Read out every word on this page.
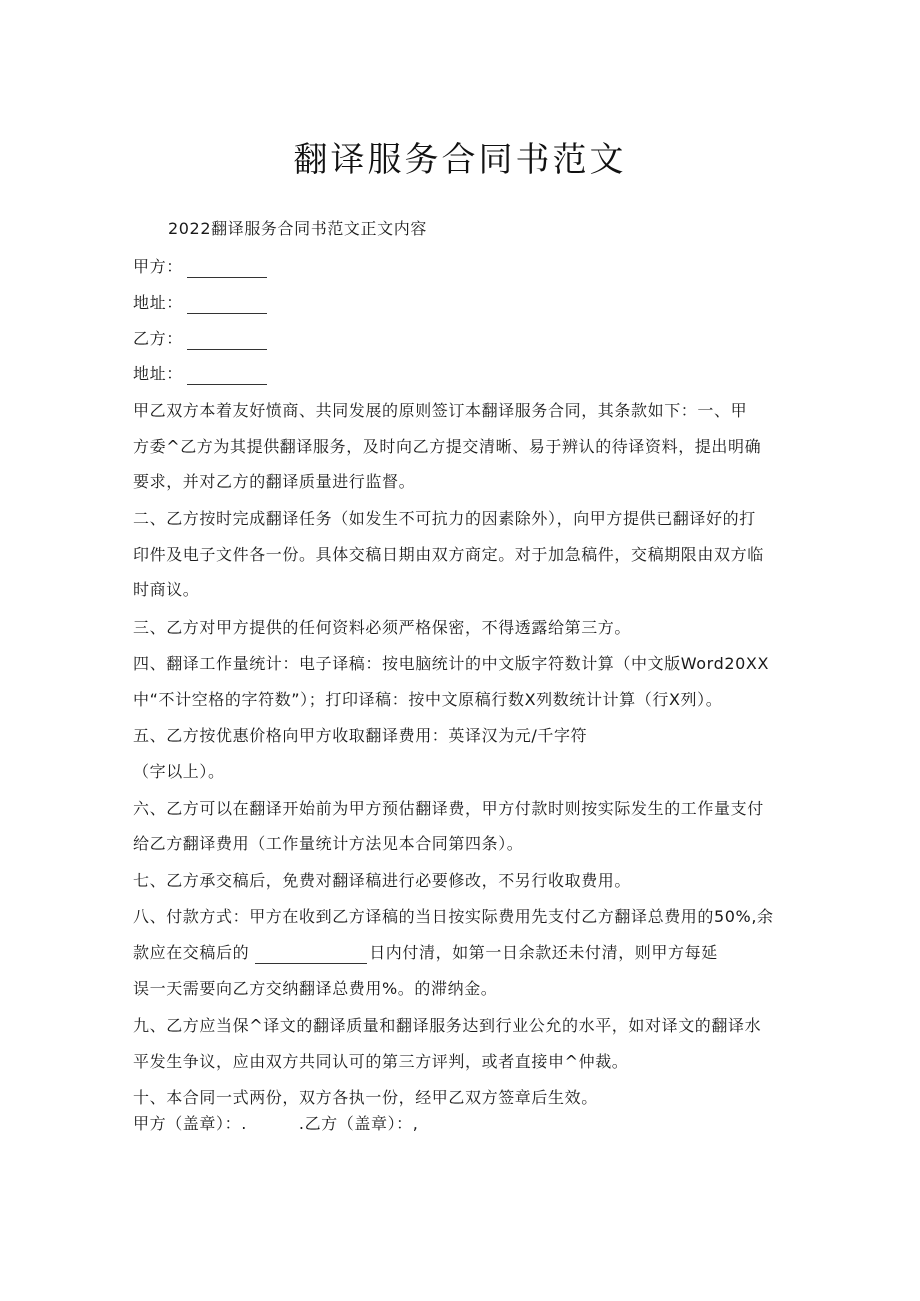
翻译服务合同书范文
2022翻译服务合同书范文正文内容
甲方：
地址：
乙方：
地址：
甲乙双方本着友好愤商、共同发展的原则签订本翻译服务合同，其条款如下：一、甲
方委^乙方为其提供翻译服务，及时向乙方提交清晰、易于辨认的待译资料，提出明确
要求，并对乙方的翻译质量进行监督。
二、乙方按时完成翻译任务（如发生不可抗力的因素除外），向甲方提供已翻译好的打
印件及电子文件各一份。具体交稿日期由双方商定。对于加急稿件，交稿期限由双方临
时商议。
三、乙方对甲方提供的任何资料必须严格保密，不得透露给第三方。
四、翻译工作量统计：电子译稿：按电脑统计的中文版字符数计算（中文版Word20XX
中“不计空格的字符数”）；打印译稿：按中文原稿行数X列数统计计算（行X列）。
五、乙方按优惠价格向甲方收取翻译费用：英译汉为元/千字符
（字以上）。
六、乙方可以在翻译开始前为甲方预估翻译费，甲方付款时则按实际发生的工作量支付
给乙方翻译费用（工作量统计方法见本合同第四条）。
七、乙方承交稿后，免费对翻译稿进行必要修改，不另行收取费用。
八、付款方式：甲方在收到乙方译稿的当日按实际费用先支付乙方翻译总费用的50%,余
款应在交稿后的	日内付清，如第一日余款还未付清，则甲方每延
误一天需要向乙方交纳翻译总费用%。的滞纳金。
九、乙方应当保^译文的翻译质量和翻译服务达到行业公允的水平，如对译文的翻译水
平发生争议，应由双方共同认可的第三方评判，或者直接申^仲裁。
十、本合同一式两份，双方各执一份，经甲乙双方签章后生效。
甲方（盖章）：.	.乙方（盖章）：,
